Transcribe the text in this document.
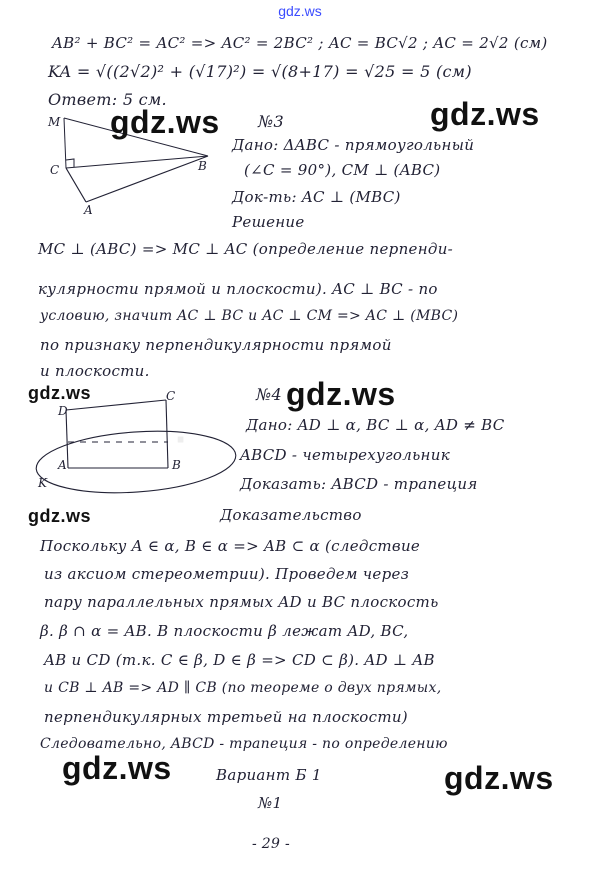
gdz.ws
·
AB² + BC² = AC² => AC² = 2BC² ; AC = BC√2 ; AC = 2√2 (см)
KA = √((2√2)² + (√17)²) = √(8+17) = √25 = 5 (см)
Ответ: 5 см.
M
C	B
A
gdz.ws	gdz.ws
№3
Дано: ΔABC - прямоугольный
(∠C = 90°), CM ⊥ (ABC)
Док-ть: AC ⊥ (MBC)
Решение
MC ⊥ (ABC) => MC ⊥ AC (определение перпенди-
кулярности прямой и плоскости). AC ⊥ BC - по
условию, значит AC ⊥ BC и AC ⊥ CM => AC ⊥ (MBC)
по признаку перпендикулярности прямой
и плоскости.
gdz.ws	gdz.ws
D
C
A	B
K
№4
Дано: AD ⊥ α, BC ⊥ α, AD ≠ BC
ABCD - четырехугольник
Доказать: ABCD - трапеция
Доказательство
gdz.ws
Поскольку A ∈ α, B ∈ α => AB ⊂ α (следствие
из аксиом стереометрии). Проведем через
пару параллельных прямых AD и BC плоскость
β. β ∩ α = AB. В плоскости β лежат AD, BC,
AB и CD (т.к. C ∈ β, D ∈ β => CD ⊂ β). AD ⊥ AB
и CB ⊥ AB => AD ∥ CB (по теореме о двух прямых,
перпендикулярных третьей на плоскости)
Следовательно, ABCD - трапеция - по определению
Вариант Б 1
№1
- 29 -
gdz.ws	gdz.ws
